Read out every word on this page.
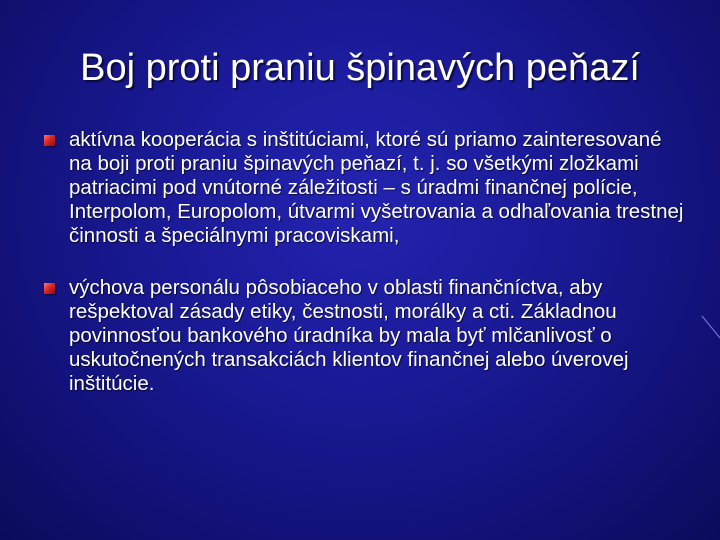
Boj proti praniu špinavých peňazí
aktívna kooperácia s inštitúciami, ktoré sú priamo zainteresované na boji proti praniu špinavých peňazí, t. j. so všetkými zložkami patriacimi pod vnútorné záležitosti – s úradmi finančnej polície, Interpolom, Europolom, útvarmi vyšetrovania a odhaľovania trestnej činnosti a špeciálnymi pracoviskami,
výchova personálu pôsobiaceho v oblasti finančníctva, aby rešpektoval zásady etiky, čestnosti, morálky a cti. Základnou povinnosťou bankového úradníka by mala byť mlčanlivosť o uskutočnených transakciách klientov finančnej alebo úverovej inštitúcie.
